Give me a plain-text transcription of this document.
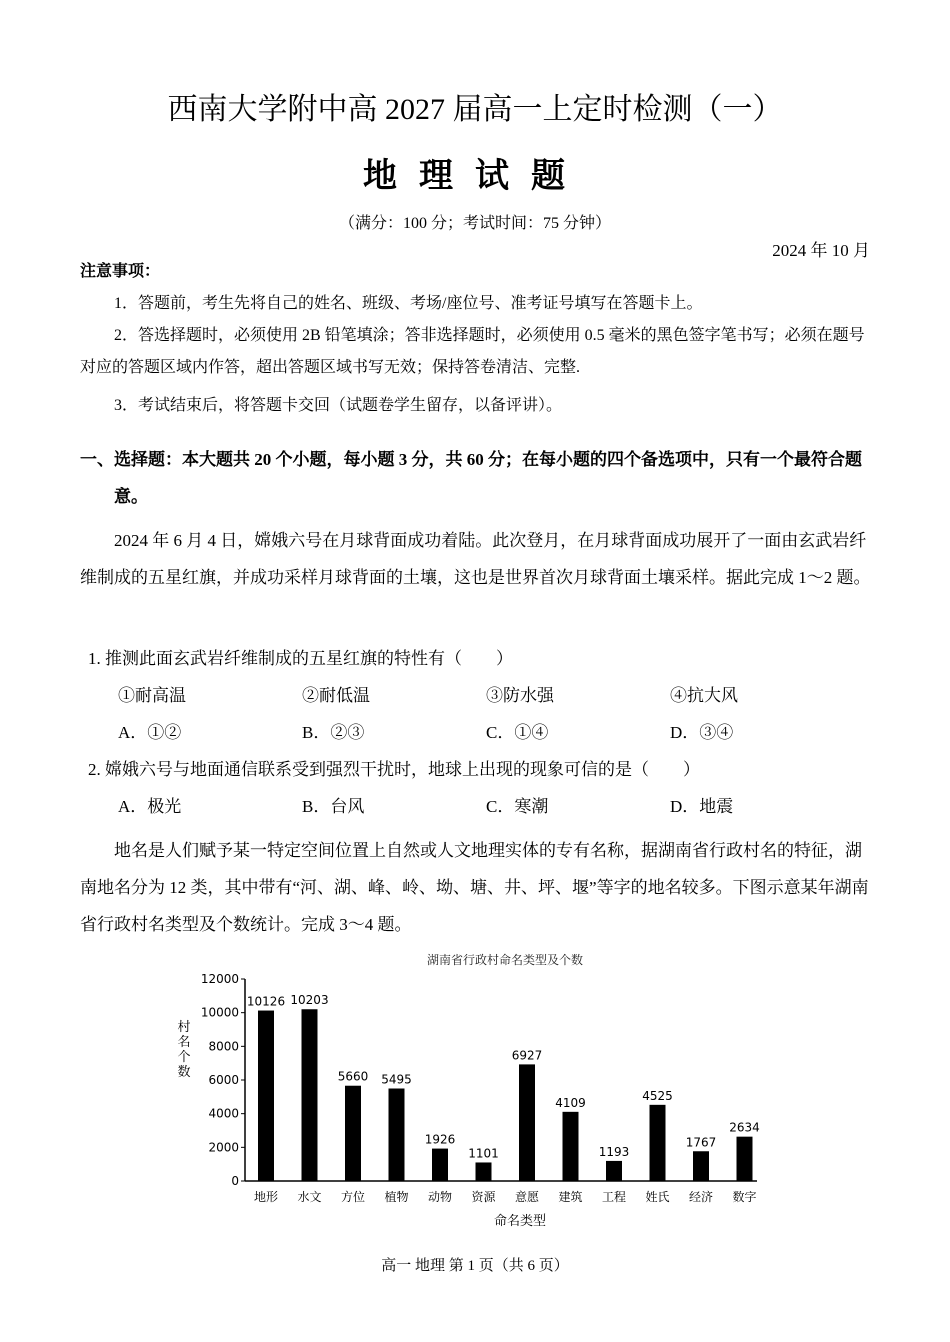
西南大学附中高 2027 届高一上定时检测（一）
地理试题
（满分：100 分；考试时间：75 分钟）
2024 年 10 月
注意事项：
1．答题前，考生先将自己的姓名、班级、考场/座位号、准考证号填写在答题卡上。
2．答选择题时，必须使用 2B 铅笔填涂；答非选择题时，必须使用 0.5 毫米的黑色签字笔书写；必须在题号对应的答题区域内作答，超出答题区域书写无效；保持答卷清洁、完整.
3．考试结束后，将答题卡交回（试题卷学生留存，以备评讲）。
一、选择题：本大题共 20 个小题，每小题 3 分，共 60 分；在每小题的四个备选项中，只有一个最符合题意。
2024 年 6 月 4 日，嫦娥六号在月球背面成功着陆。此次登月，在月球背面成功展开了一面由玄武岩纤维制成的五星红旗，并成功采样月球背面的土壤，这也是世界首次月球背面土壤采样。据此完成 1～2 题。
1. 推测此面玄武岩纤维制成的五星红旗的特性有（　　）
①耐高温	②耐低温	③防水强	④抗大风
A．①②	B．②③	C．①④	D．③④
2. 嫦娥六号与地面通信联系受到强烈干扰时，地球上出现的现象可信的是（　　）
A．极光	B．台风	C．寒潮	D．地震
地名是人们赋予某一特定空间位置上自然或人文地理实体的专有名称，据湖南省行政村名的特征，湖南地名分为 12 类，其中带有“河、湖、峰、岭、坳、塘、井、坪、堰”等字的地名较多。下图示意某年湖南省行政村名类型及个数统计。完成 3～4 题。
湖南省行政村命名类型及个数
0
2000
4000
6000
8000
10000
12000
10126
地形
10203
水文
5660
方位
5495
植物
1926
动物
1101
资源
6927
意愿
4109
建筑
1193
工程
4525
姓氏
1767
经济
2634
数字
命名类型
村名个数
高一 地理 第 1 页（共 6 页）
